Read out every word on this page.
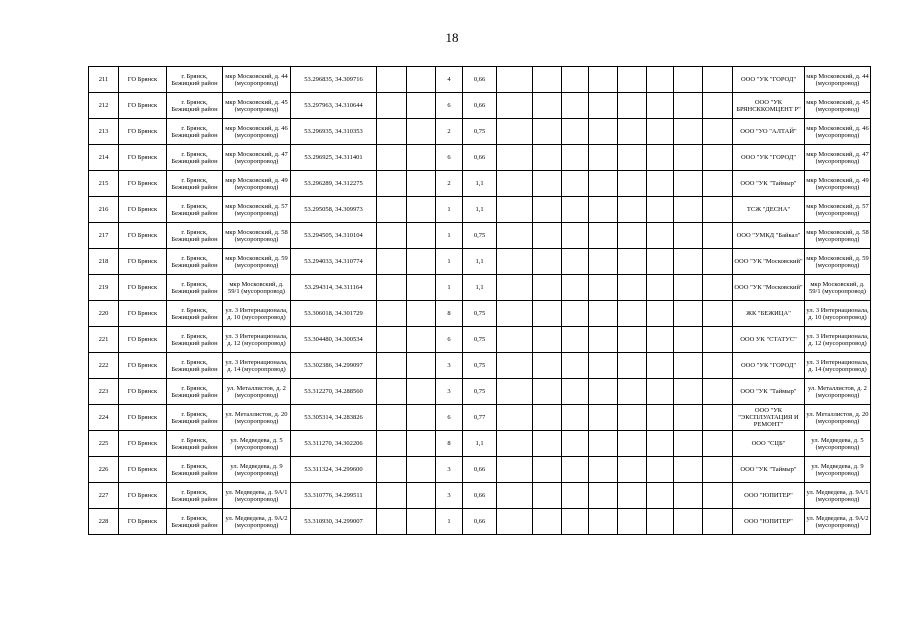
18
211	ГО Брянск	г. Брянск, Бежицкий район	мкр Московский, д. 44 (мусоропровод)	53.296835, 34.309716			4	0,66									ООО "УК "ГОРОД"	мкр Московский, д. 44 (мусоропровод)
212	ГО Брянск	г. Брянск, Бежицкий район	мкр Московский, д. 45 (мусоропровод)	53.297963, 34.310644			6	0,66									ООО "УК БРЯНСККОМЦЕНТ Р"	мкр Московский, д. 45 (мусоропровод)
213	ГО Брянск	г. Брянск, Бежицкий район	мкр Московский, д. 46 (мусоропровод)	53.296935, 34.310353			2	0,75									ООО "УО "АЛТАЙ"	мкр Московский, д. 46 (мусоропровод)
214	ГО Брянск	г. Брянск, Бежицкий район	мкр Московский, д. 47 (мусоропровод)	53.296925, 34.311401			6	0,66									ООО "УК "ГОРОД"	мкр Московский, д. 47 (мусоропровод)
215	ГО Брянск	г. Брянск, Бежицкий район	мкр Московский, д. 49 (мусоропровод)	53.296289, 34.312275			2	1,1									ООО "УК "Таймыр"	мкр Московский, д. 49 (мусоропровод)
216	ГО Брянск	г. Брянск, Бежицкий район	мкр Московский, д. 57 (мусоропровод)	53.295058, 34.309973			1	1,1									ТСЖ "ДЕСНА"	мкр Московский, д. 57 (мусоропровод)
217	ГО Брянск	г. Брянск, Бежицкий район	мкр Московский, д. 58 (мусоропровод)	53.294505, 34.310104			1	0,75									ООО "УМКД "Байкал"	мкр Московский, д. 58 (мусоропровод)
218	ГО Брянск	г. Брянск, Бежицкий район	мкр Московский, д. 59 (мусоропровод)	53.294033, 34.310774			1	1,1									ООО "УК "Московский"	мкр Московский, д. 59 (мусоропровод)
219	ГО Брянск	г. Брянск, Бежицкий район	мкр Московский, д. 59/1 (мусоропровод)	53.294314, 34.311164			1	1,1									ООО "УК "Московский"	мкр Московский, д. 59/1 (мусоропровод)
220	ГО Брянск	г. Брянск, Бежицкий район	ул. 3 Интернационала, д. 10 (мусоропровод)	53.306018, 34.301729			8	0,75									ЖК "БЕЖИЦА"	ул. 3 Интернационала, д. 10 (мусоропровод)
221	ГО Брянск	г. Брянск, Бежицкий район	ул. 3 Интернационала, д. 12 (мусоропровод)	53.304480, 34.300534			6	0,75									ООО УК "СТАТУС"	ул. 3 Интернационала, д. 12 (мусоропровод)
222	ГО Брянск	г. Брянск, Бежицкий район	ул. 3 Интернационала, д. 14 (мусоропровод)	53.302386, 34.299097			3	0,75									ООО "УК "ГОРОД"	ул. 3 Интернационала, д. 14 (мусоропровод)
223	ГО Брянск	г. Брянск, Бежицкий район	ул. Металлистов, д. 2 (мусоропровод)	53.312270, 34.288560			3	0,75									ООО "УК "Таймыр"	ул. Металлистов, д. 2 (мусоропровод)
224	ГО Брянск	г. Брянск, Бежицкий район	ул. Металлистов, д. 20 (мусоропровод)	53.305314, 34.283826			6	0,77									ООО "УК "ЭКСПЛУАТАЦИЯ И РЕМОНТ"	ул. Металлистов, д. 20 (мусоропровод)
225	ГО Брянск	г. Брянск, Бежицкий район	ул. Медведева, д. 5 (мусоропровод)	53.311270, 34.302206			8	1,1									ООО "СЦБ"	ул. Медведева, д. 5 (мусоропровод)
226	ГО Брянск	г. Брянск, Бежицкий район	ул. Медведева, д. 9 (мусоропровод)	53.311324, 34.299600			3	0,66									ООО "УК "Таймыр"	ул. Медведева, д. 9 (мусоропровод)
227	ГО Брянск	г. Брянск, Бежицкий район	ул. Медведева, д. 9А/1 (мусоропровод)	53.310776, 34.299511			3	0,66									ООО "ЮПИТЕР"	ул. Медведева, д. 9А/1 (мусоропровод)
228	ГО Брянск	г. Брянск, Бежицкий район	ул. Медведева, д. 9А/2 (мусоропровод)	53.310930, 34.299007			1	0,66									ООО "ЮПИТЕР"	ул. Медведева, д. 9А/2 (мусоропровод)
